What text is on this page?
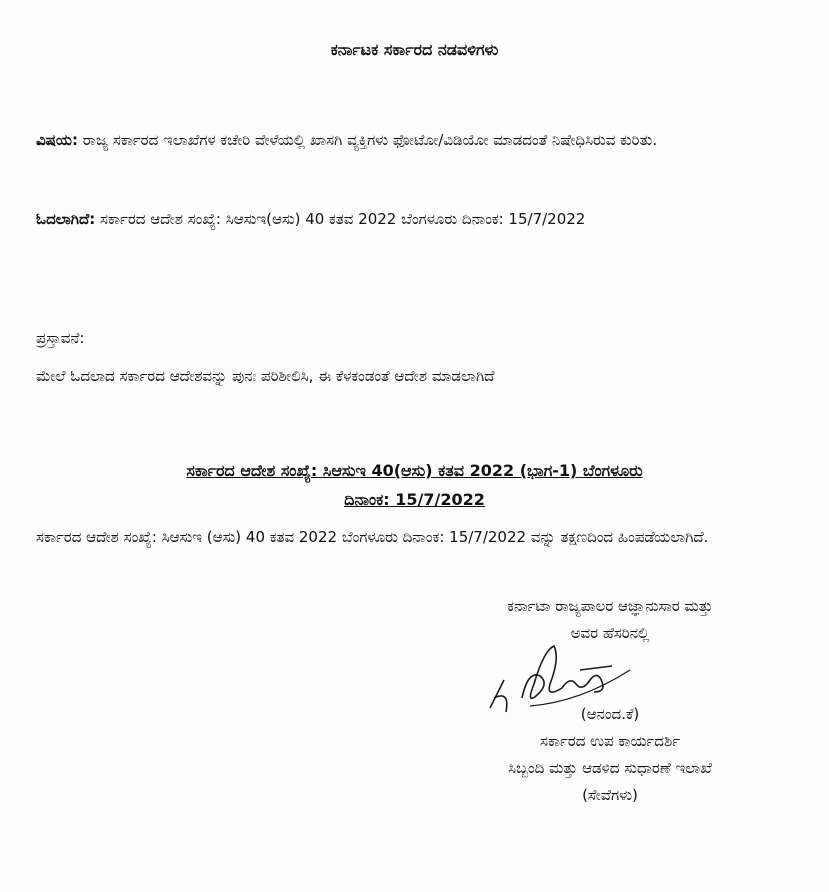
ಕರ್ನಾಟಕ ಸರ್ಕಾರದ ನಡವಳಿಗಳು
ವಿಷಯ: ರಾಜ್ಯ ಸರ್ಕಾರದ ಇಲಾಖೆಗಳ ಕಚೇರಿ ವೇಳೆಯಲ್ಲಿ ಖಾಸಗಿ ವ್ಯಕ್ತಿಗಳು ಫೋಟೋ/ವಿಡಿಯೋ ಮಾಡದಂತೆ ನಿಷೇಧಿಸಿರುವ ಕುರಿತು.
ಓದಲಾಗಿದೆ: ಸರ್ಕಾರದ ಆದೇಶ ಸಂಖ್ಯೆ: ಸಿಆಸುಇ(ಆಸು) 40 ಕತವ 2022 ಬೆಂಗಳೂರು ದಿನಾಂಕ: 15/7/2022
ಪ್ರಸ್ತಾವನೆ:
ಮೇಲೆ ಓದಲಾದ ಸರ್ಕಾರದ ಆದೇಶವನ್ನು ಪುನಃ ಪರಿಶೀಲಿಸಿ, ಈ ಕೆಳಕಂಡಂತೆ ಆದೇಶ ಮಾಡಲಾಗಿದೆ
ಸರ್ಕಾರದ ಆದೇಶ ಸಂಖ್ಯೆ: ಸಿಆಸುಇ 40(ಆಸು) ಕತವ 2022 (ಭಾಗ-1) ಬೆಂಗಳೂರು
ದಿನಾಂಕ: 15/7/2022
ಸರ್ಕಾರದ ಆದೇಶ ಸಂಖ್ಯೆ: ಸಿಆಸುಇ (ಆಸು) 40 ಕತವ 2022 ಬೆಂಗಳೂರು ದಿನಾಂಕ: 15/7/2022 ವನ್ನು ತಕ್ಷಣದಿಂದ ಹಿಂಪಡೆಯಲಾಗಿದೆ.
ಕರ್ನಾಟಾ ರಾಜ್ಯಪಾಲರ ಆಜ್ಞಾನುಸಾರ ಮತ್ತು
ಅವರ ಹೆಸರಿನಲ್ಲಿ
(ಆನಂದ.ಕೆ)
ಸರ್ಕಾರದ ಉಪ ಕಾರ್ಯದರ್ಶಿ
ಸಿಬ್ಬಂದಿ ಮತ್ತು ಆಡಳಿದ ಸುಧಾರಣೆ ಇಲಾಖೆ
(ಸೇವೆಗಳು)
